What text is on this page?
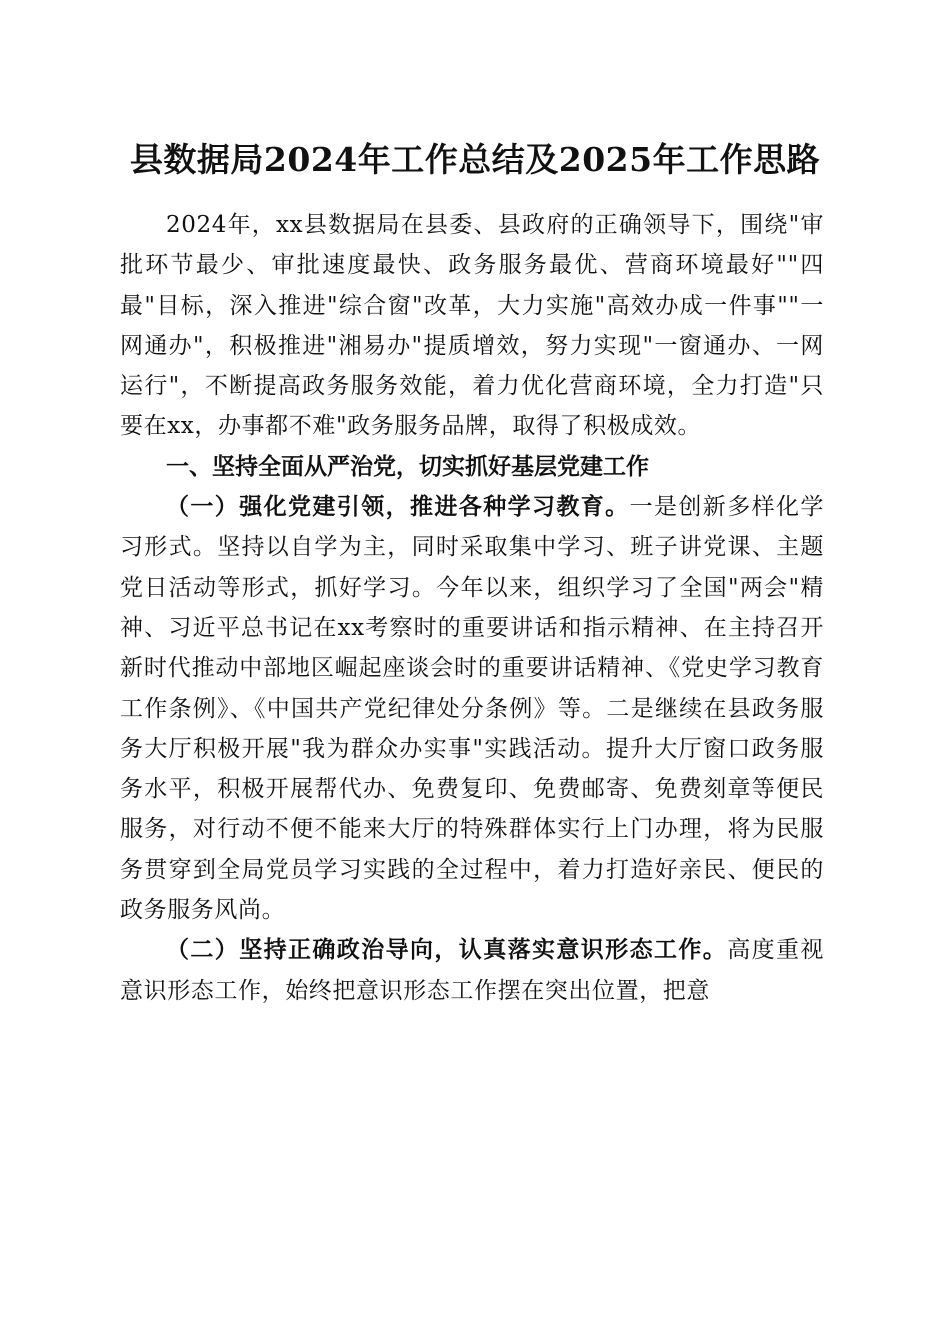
县数据局2024年工作总结及2025年工作思路

2024年，xx县数据局在县委、县政府的正确领导下，围绕"审批环节最少、审批速度最快、政务服务最优、营商环境最好""四最"目标，深入推进"综合窗"改革，大力实施"高效办成一件事""一网通办"，积极推进"湘易办"提质增效，努力实现"一窗通办、一网运行"，不断提高政务服务效能，着力优化营商环境，全力打造"只要在xx，办事都不难"政务服务品牌，取得了积极成效。

一、坚持全面从严治党，切实抓好基层党建工作

（一）强化党建引领，推进各种学习教育。一是创新多样化学习形式。坚持以自学为主，同时采取集中学习、班子讲党课、主题党日活动等形式，抓好学习。今年以来，组织学习了全国"两会"精神、习近平总书记在xx考察时的重要讲话和指示精神、在主持召开新时代推动中部地区崛起座谈会时的重要讲话精神、《党史学习教育工作条例》、《中国共产党纪律处分条例》等。二是继续在县政务服务大厅积极开展"我为群众办实事"实践活动。提升大厅窗口政务服务水平，积极开展帮代办、免费复印、免费邮寄、免费刻章等便民服务，对行动不便不能来大厅的特殊群体实行上门办理，将为民服务贯穿到全局党员学习实践的全过程中，着力打造好亲民、便民的政务服务风尚。

（二）坚持正确政治导向，认真落实意识形态工作。高度重视意识形态工作，始终把意识形态工作摆在突出位置，把意
